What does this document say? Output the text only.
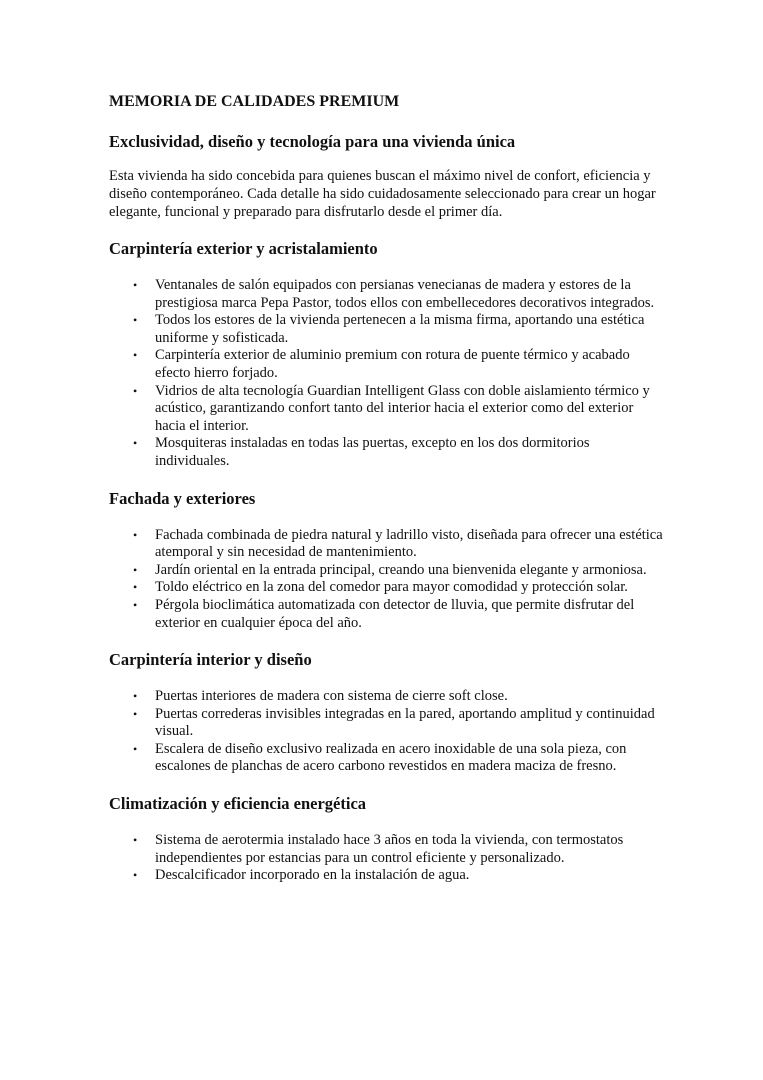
MEMORIA DE CALIDADES PREMIUM
Exclusividad, diseño y tecnología para una vivienda única

Esta vivienda ha sido concebida para quienes buscan el máximo nivel de confort, eficiencia y diseño contemporáneo. Cada detalle ha sido cuidadosamente seleccionado para crear un hogar elegante, funcional y preparado para disfrutarlo desde el primer día.

Carpintería exterior y acristalamiento
• Ventanales de salón equipados con persianas venecianas de madera y estores de la prestigiosa marca Pepa Pastor, todos ellos con embellecedores decorativos integrados.
• Todos los estores de la vivienda pertenecen a la misma firma, aportando una estética uniforme y sofisticada.
• Carpintería exterior de aluminio premium con rotura de puente térmico y acabado efecto hierro forjado.
• Vidrios de alta tecnología Guardian Intelligent Glass con doble aislamiento térmico y acústico, garantizando confort tanto del interior hacia el exterior como del exterior hacia el interior.
• Mosquiteras instaladas en todas las puertas, excepto en los dos dormitorios individuales.
Fachada y exteriores
• Fachada combinada de piedra natural y ladrillo visto, diseñada para ofrecer una estética atemporal y sin necesidad de mantenimiento.
• Jardín oriental en la entrada principal, creando una bienvenida elegante y armoniosa.
• Toldo eléctrico en la zona del comedor para mayor comodidad y protección solar.
• Pérgola bioclimática automatizada con detector de lluvia, que permite disfrutar del exterior en cualquier época del año.
Carpintería interior y diseño
• Puertas interiores de madera con sistema de cierre soft close.
• Puertas correderas invisibles integradas en la pared, aportando amplitud y continuidad visual.
• Escalera de diseño exclusivo realizada en acero inoxidable de una sola pieza, con escalones de planchas de acero carbono revestidos en madera maciza de fresno.
Climatización y eficiencia energética
• Sistema de aerotermia instalado hace 3 años en toda la vivienda, con termostatos independientes por estancias para un control eficiente y personalizado.
• Descalcificador incorporado en la instalación de agua.
